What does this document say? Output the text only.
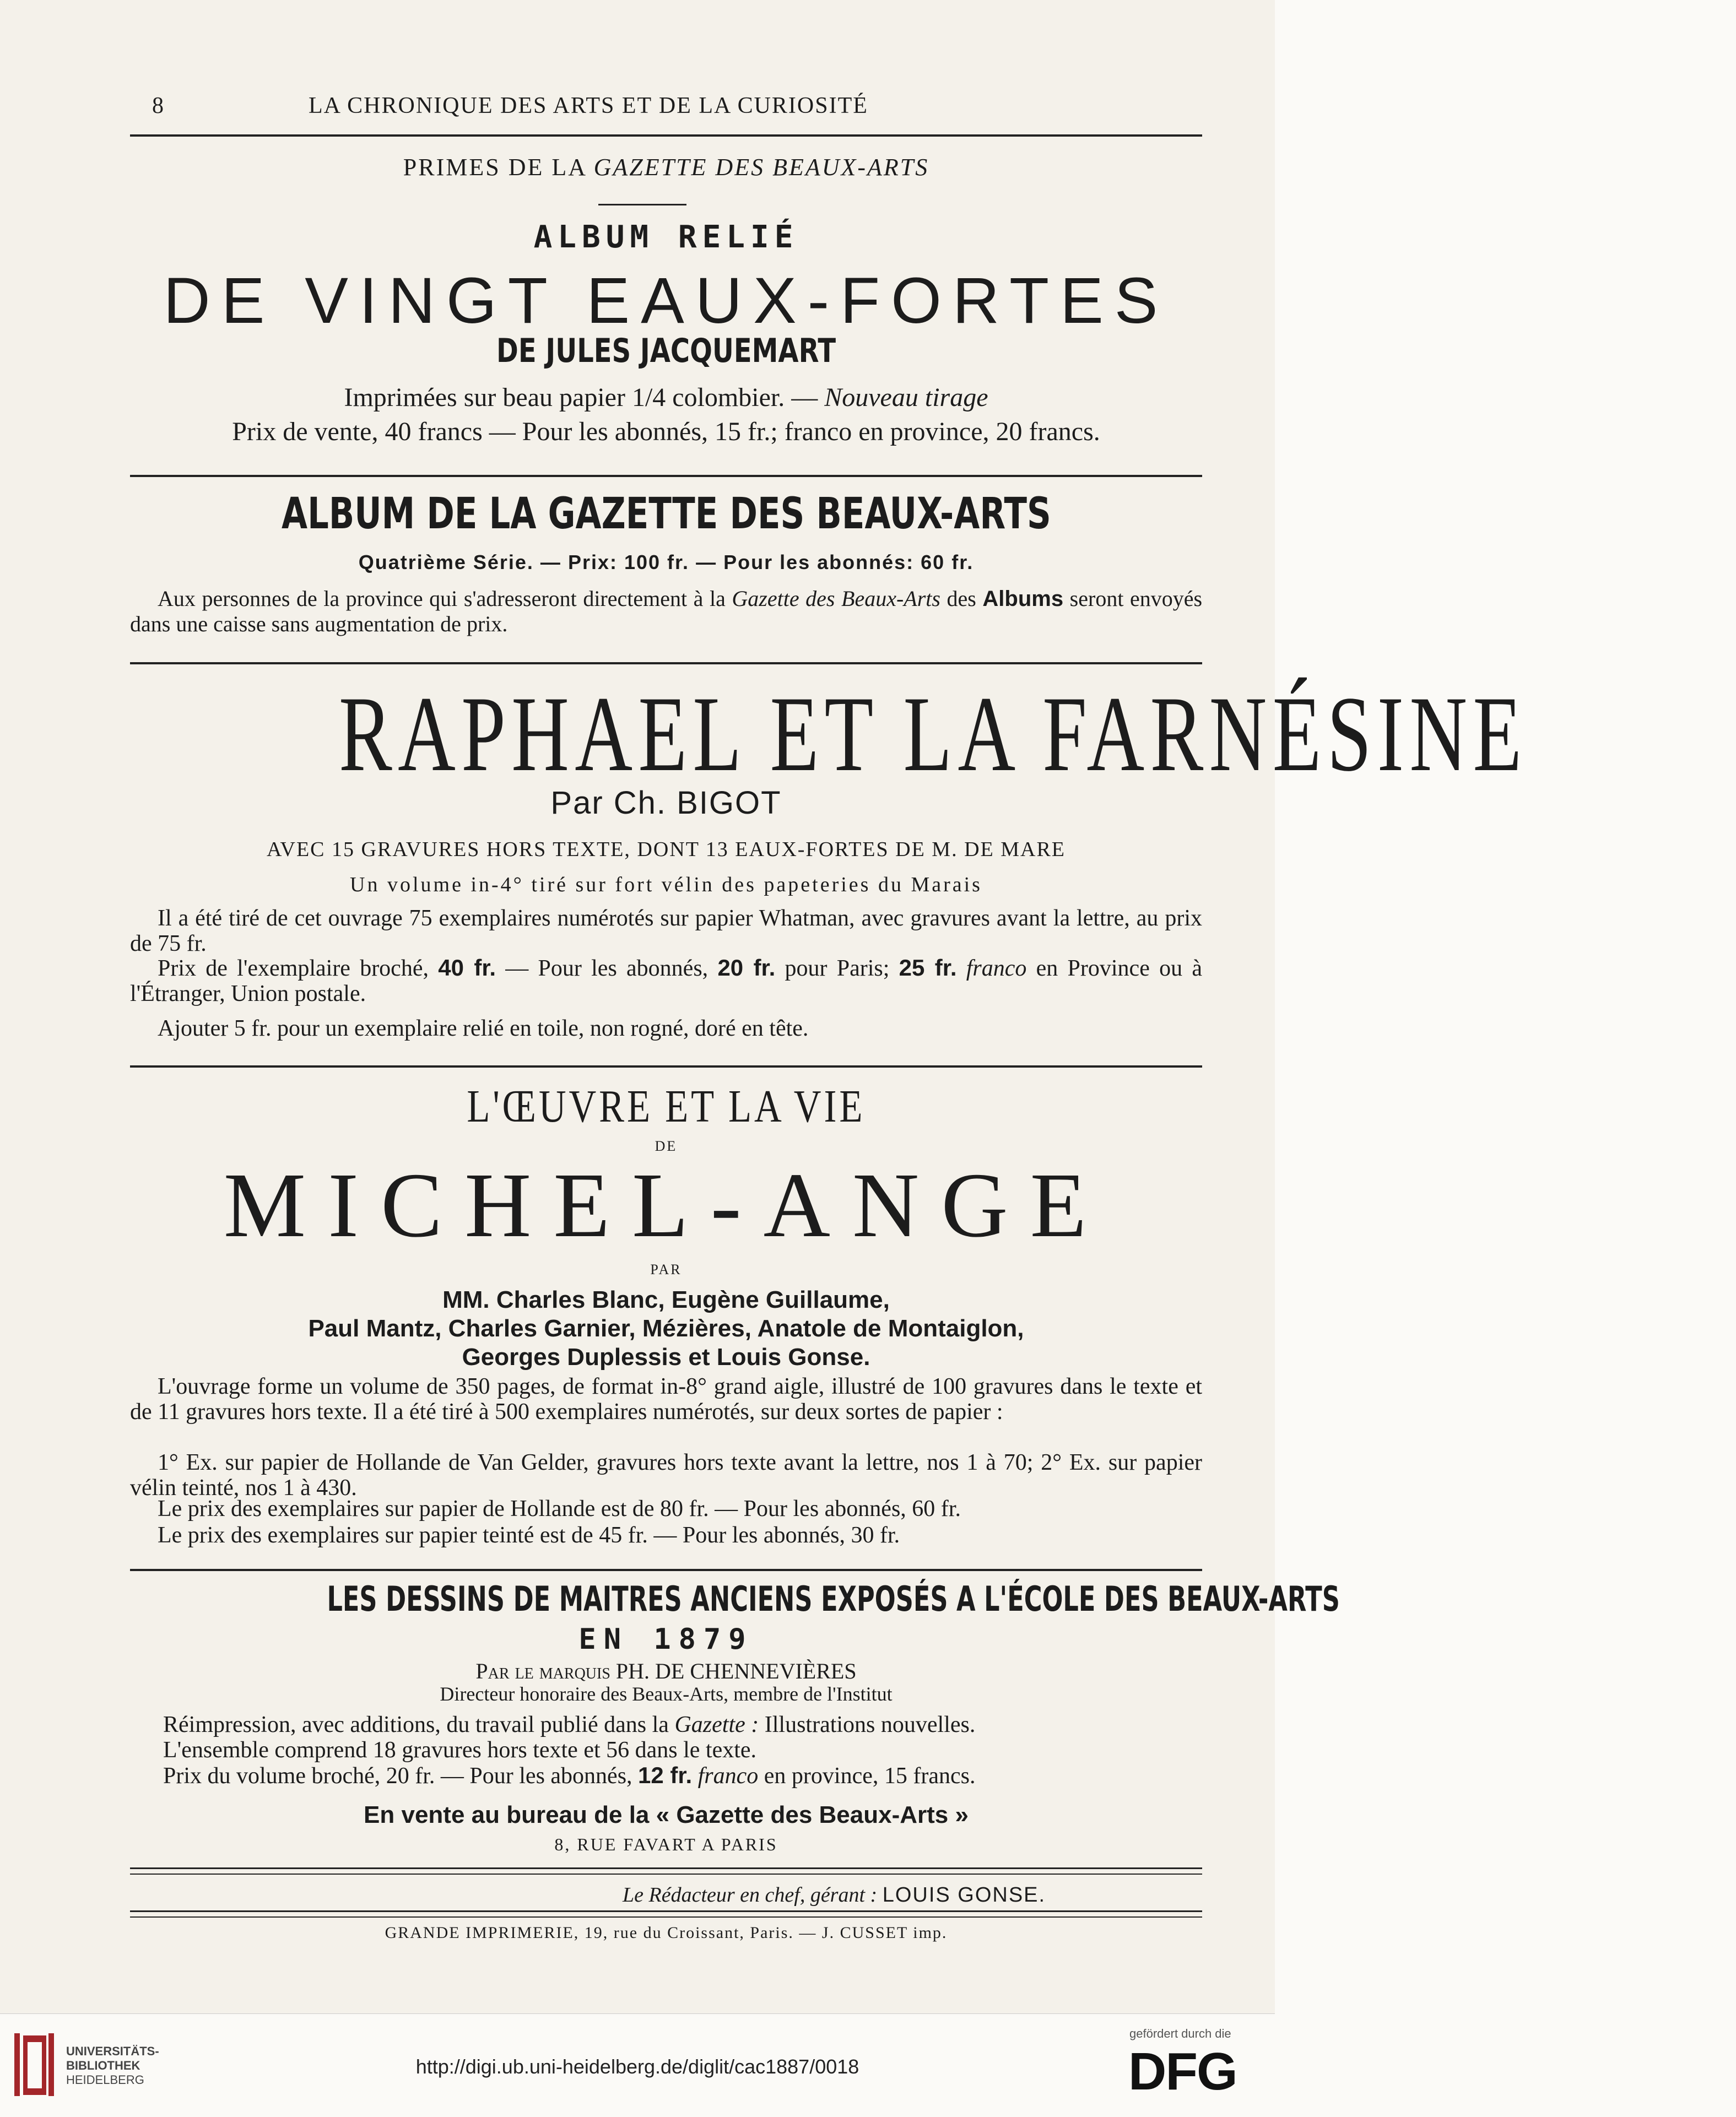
8	LA CHRONIQUE DES ARTS ET DE LA CURIOSITÉ
PRIMES DE LA GAZETTE DES BEAUX-ARTS
ALBUM RELIÉ
DE VINGT EAUX-FORTES
DE JULES JACQUEMART
Imprimées sur beau papier 1/4 colombier. — Nouveau tirage
Prix de vente, 40 francs — Pour les abonnés, 15 fr.; franco en province, 20 francs.
ALBUM DE LA GAZETTE DES BEAUX-ARTS
Quatrième Série. — Prix: 100 fr. — Pour les abonnés: 60 fr.
Aux personnes de la province qui s'adresseront directement à la Gazette des Beaux-Arts des Albums seront envoyés dans une caisse sans augmentation de prix.
RAPHAEL ET LA FARNÉSINE
Par Ch. BIGOT
AVEC 15 GRAVURES HORS TEXTE, DONT 13 EAUX-FORTES DE M. DE MARE
Un volume in-4° tiré sur fort vélin des papeteries du Marais
Il a été tiré de cet ouvrage 75 exemplaires numérotés sur papier Whatman, avec gravures avant la lettre, au prix de 75 fr.
Prix de l'exemplaire broché, 40 fr. — Pour les abonnés, 20 fr. pour Paris; 25 fr. franco en Province ou à l'Étranger, Union postale.
Ajouter 5 fr. pour un exemplaire relié en toile, non rogné, doré en tête.
L'ŒUVRE ET LA VIE
DE
MICHEL-ANGE
PAR
MM. Charles Blanc, Eugène Guillaume,
Paul Mantz, Charles Garnier, Mézières, Anatole de Montaiglon,
Georges Duplessis et Louis Gonse.
L'ouvrage forme un volume de 350 pages, de format in-8° grand aigle, illustré de 100 gravures dans le texte et de 11 gravures hors texte. Il a été tiré à 500 exemplaires numérotés, sur deux sortes de papier :
1° Ex. sur papier de Hollande de Van Gelder, gravures hors texte avant la lettre, nos 1 à 70; 2° Ex. sur papier vélin teinté, nos 1 à 430.
Le prix des exemplaires sur papier de Hollande est de 80 fr. — Pour les abonnés, 60 fr.
Le prix des exemplaires sur papier teinté est de 45 fr. — Pour les abonnés, 30 fr.
LES DESSINS DE MAITRES ANCIENS EXPOSÉS A L'ÉCOLE DES BEAUX-ARTS
EN 1879
Par le marquis PH. DE CHENNEVIÈRES
Directeur honoraire des Beaux-Arts, membre de l'Institut
Réimpression, avec additions, du travail publié dans la Gazette : Illustrations nouvelles.
L'ensemble comprend 18 gravures hors texte et 56 dans le texte.
Prix du volume broché, 20 fr. — Pour les abonnés, 12 fr. franco en province, 15 francs.
En vente au bureau de la « Gazette des Beaux-Arts »
8, RUE FAVART A PARIS
Le Rédacteur en chef, gérant : LOUIS GONSE.
GRANDE IMPRIMERIE, 19, rue du Croissant, Paris. — J. CUSSET imp.
UNIVERSITÄTS-
BIBLIOTHEK
HEIDELBERG
http://digi.ub.uni-heidelberg.de/diglit/cac1887/0018
gefördert durch die
DFG
